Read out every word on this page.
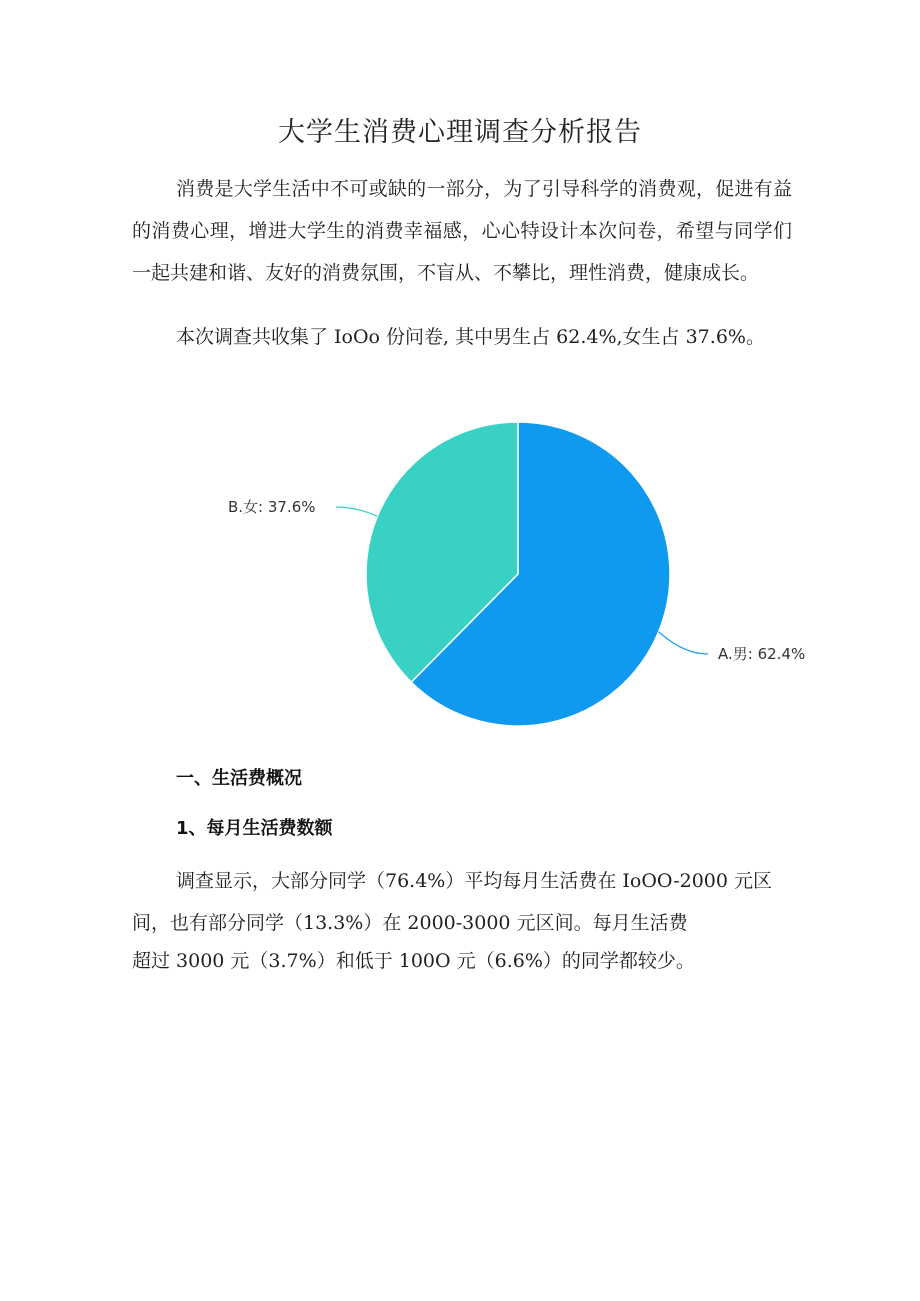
大学生消费心理调查分析报告
消费是大学生活中不可或缺的一部分，为了引导科学的消费观，促进有益的消费心理，增进大学生的消费幸福感，心心特设计本次问卷，希望与同学们一起共建和谐、友好的消费氛围，不盲从、不攀比，理性消费，健康成长。
本次调查共收集了 IoOo 份问卷, 其中男生占 62.4%,女生占 37.6%。
A.男: 62.4%
B.女: 37.6%
一、生活费概况
1、每月生活费数额
调查显示，大部分同学（76.4%）平均每月生活费在 IoOO-2000 元区间，也有部分同学（13.3%）在 2000-3000 元区间。每月生活费
超过 3000 元（3.7%）和低于 100O 元（6.6%）的同学都较少。
